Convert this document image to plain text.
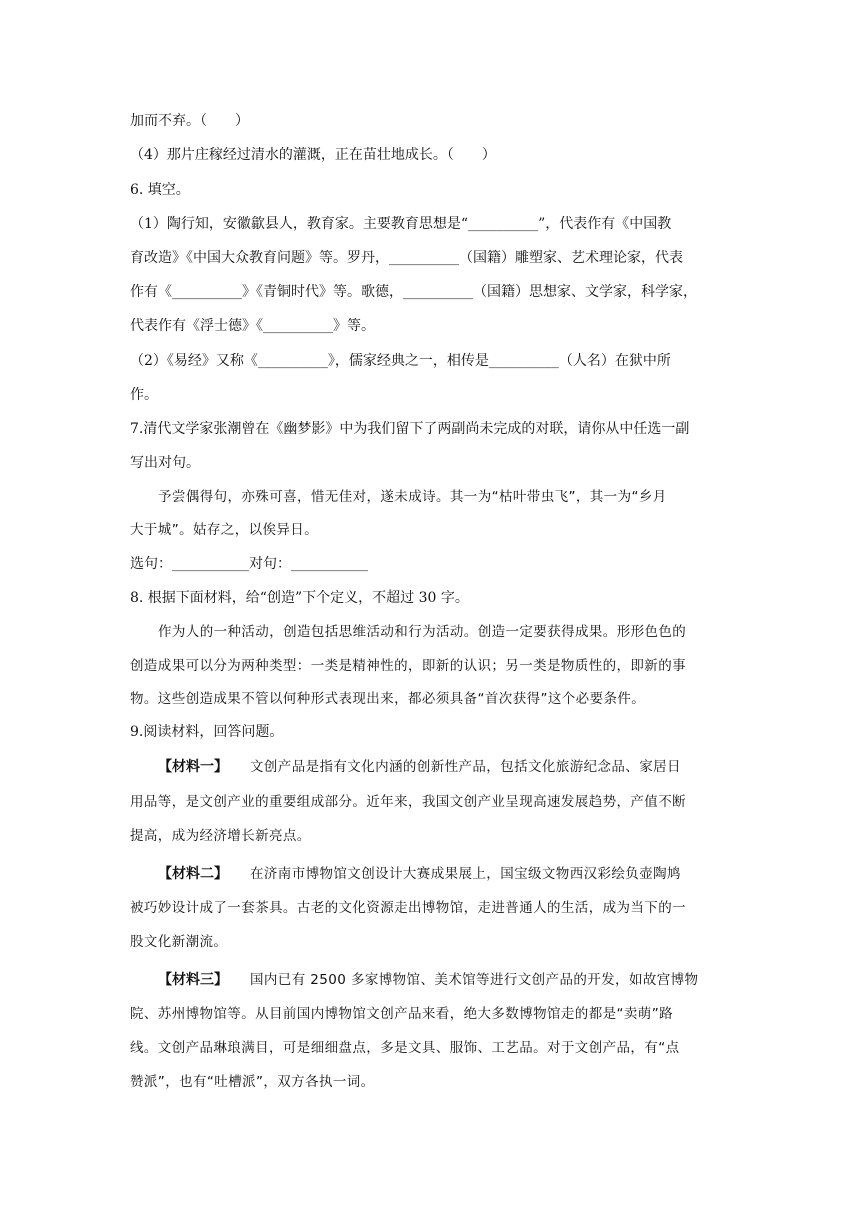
加而不弃。（　　）
（4）那片庄稼经过清水的灌溉，正在苗壮地成长。（　　）
6. 填空。
（1）陶行知，安徽歙县人，教育家。主要教育思想是“__________”，代表作有《中国教
育改造》《中国大众教育问题》等。罗丹，__________（国籍）雕塑家、艺术理论家，代表
作有《__________》《青铜时代》等。歌德，__________（国籍）思想家、文学家，科学家，
代表作有《浮士德》《__________》等。
（2）《易经》又称《__________》，儒家经典之一，相传是__________（人名）在狱中所
作。
7.清代文学家张潮曾在《幽梦影》中为我们留下了两副尚未完成的对联，请你从中任选一副
写出对句。
予尝偶得句，亦殊可喜，惜无佳对，遂未成诗。其一为“枯叶带虫飞”，其一为“乡月
大于城”。姑存之，以俟异日。
选句：___________对句：___________
8. 根据下面材料，给“创造”下个定义，不超过 30 字。
作为人的一种活动，创造包括思维活动和行为活动。创造一定要获得成果。形形色色的
创造成果可以分为两种类型：一类是精神性的，即新的认识；另一类是物质性的，即新的事
物。这些创造成果不管以何种形式表现出来，都必须具备“首次获得”这个必要条件。
9.阅读材料，回答问题。
【材料一】 文创产品是指有文化内涵的创新性产品，包括文化旅游纪念品、家居日
用品等，是文创产业的重要组成部分。近年来，我国文创产业呈现高速发展趋势，产值不断
提高，成为经济增长新亮点。
【材料二】 在济南市博物馆文创设计大赛成果展上，国宝级文物西汉彩绘负壶陶鸠
被巧妙设计成了一套茶具。古老的文化资源走出博物馆，走进普通人的生活，成为当下的一
股文化新潮流。
【材料三】 国内已有 2500 多家博物馆、美术馆等进行文创产品的开发，如故宫博物
院、苏州博物馆等。从目前国内博物馆文创产品来看，绝大多数博物馆走的都是“卖萌”路
线。文创产品琳琅满目，可是细细盘点，多是文具、服饰、工艺品。对于文创产品，有“点
赞派”，也有“吐槽派”，双方各执一词。
